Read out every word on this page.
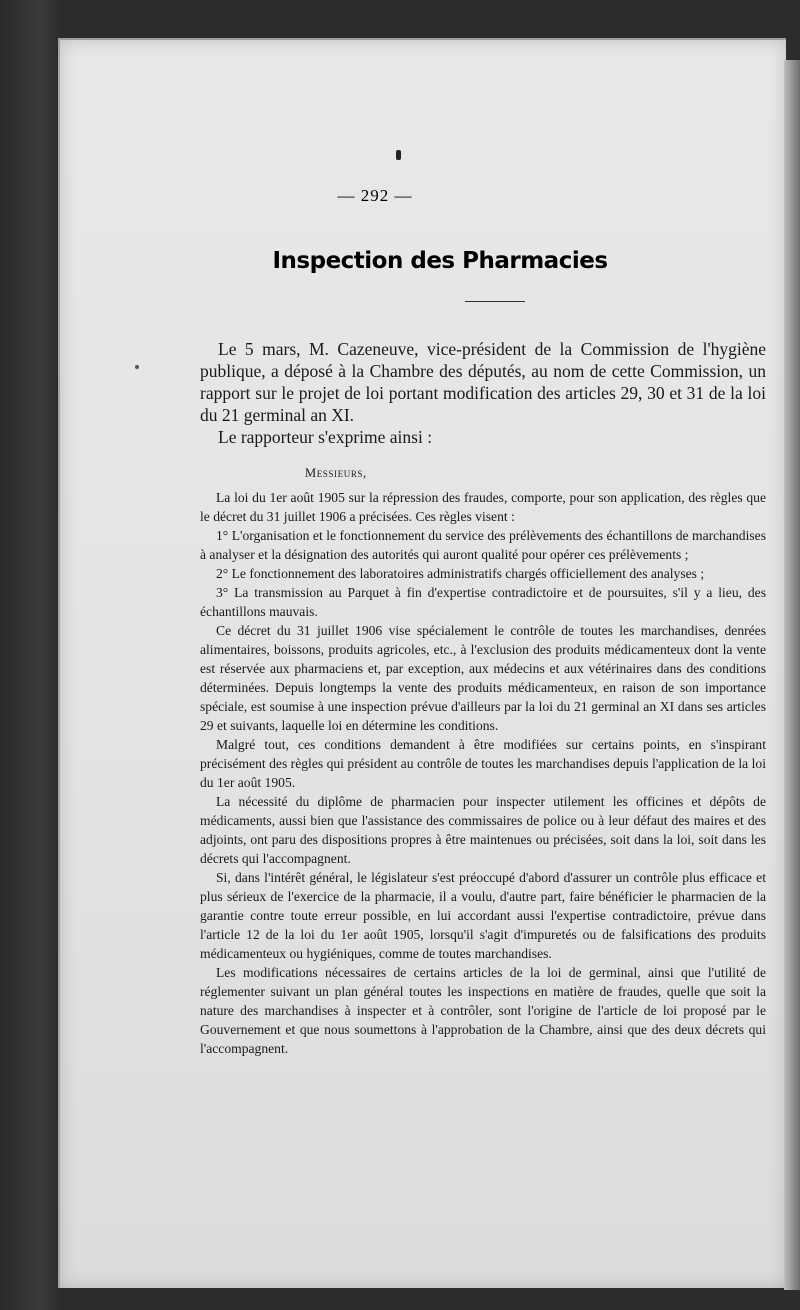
— 292 —
Inspection des Pharmacies

Le 5 mars, M. Cazeneuve, vice-président de la Commission de l'hygiène publique, a déposé à la Chambre des députés, au nom de cette Commission, un rapport sur le projet de loi portant modification des articles 29, 30 et 31 de la loi du 21 germinal an XI.

Le rapporteur s'exprime ainsi :

Messieurs,

La loi du 1er août 1905 sur la répression des fraudes, comporte, pour son application, des règles que le décret du 31 juillet 1906 a précisées. Ces règles visent :

1° L'organisation et le fonctionnement du service des prélèvements des échantillons de marchandises à analyser et la désignation des autorités qui auront qualité pour opérer ces prélèvements ;

2° Le fonctionnement des laboratoires administratifs chargés officiellement des analyses ;

3° La transmission au Parquet à fin d'expertise contradictoire et de poursuites, s'il y a lieu, des échantillons mauvais.

Ce décret du 31 juillet 1906 vise spécialement le contrôle de toutes les marchandises, denrées alimentaires, boissons, produits agricoles, etc., à l'exclusion des produits médicamenteux dont la vente est réservée aux pharmaciens et, par exception, aux médecins et aux vétérinaires dans des conditions déterminées. Depuis longtemps la vente des produits médicamenteux, en raison de son importance spéciale, est soumise à une inspection prévue d'ailleurs par la loi du 21 germinal an XI dans ses articles 29 et suivants, laquelle loi en détermine les conditions.

Malgré tout, ces conditions demandent à être modifiées sur certains points, en s'inspirant précisément des règles qui président au contrôle de toutes les marchandises depuis l'application de la loi du 1er août 1905.

La nécessité du diplôme de pharmacien pour inspecter utilement les officines et dépôts de médicaments, aussi bien que l'assistance des commissaires de police ou à leur défaut des maires et des adjoints, ont paru des dispositions propres à être maintenues ou précisées, soit dans la loi, soit dans les décrets qui l'accompagnent.

Si, dans l'intérêt général, le législateur s'est préoccupé d'abord d'assurer un contrôle plus efficace et plus sérieux de l'exercice de la pharmacie, il a voulu, d'autre part, faire bénéficier le pharmacien de la garantie contre toute erreur possible, en lui accordant aussi l'expertise contradictoire, prévue dans l'article 12 de la loi du 1er août 1905, lorsqu'il s'agit d'impuretés ou de falsifications des produits médicamenteux ou hygiéniques, comme de toutes marchandises.

Les modifications nécessaires de certains articles de la loi de germinal, ainsi que l'utilité de réglementer suivant un plan général toutes les inspections en matière de fraudes, quelle que soit la nature des marchandises à inspecter et à contrôler, sont l'origine de l'article de loi proposé par le Gouvernement et que nous soumettons à l'approbation de la Chambre, ainsi que des deux décrets qui l'accompagnent.
